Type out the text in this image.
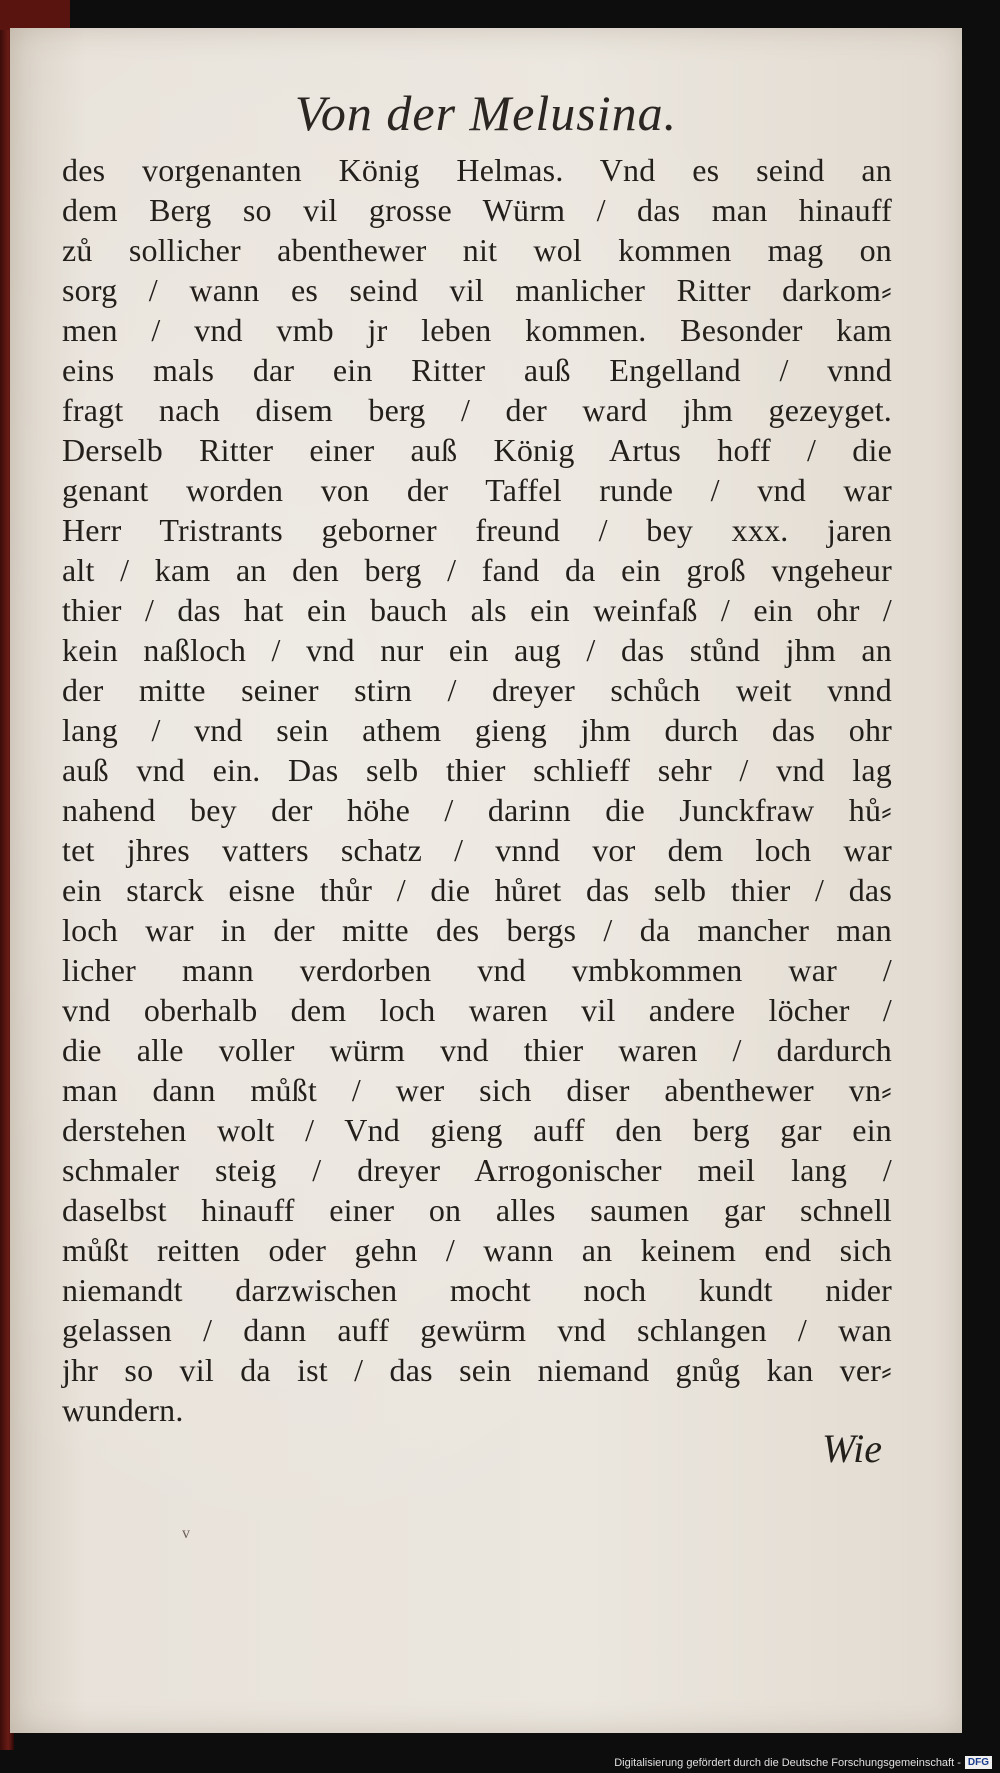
Von der Melusina.
des vorgenanten König Helmas. Vnd es seind an
dem Berg so vil grosse Würm / das man hinauff
zů sollicher abenthewer nit wol kommen mag on
sorg / wann es seind vil manlicher Ritter darkom⸗
men / vnd vmb jr leben kommen. Besonder kam
eins mals dar ein Ritter auß Engelland / vnnd
fragt nach disem berg / der ward jhm gezeyget.
Derselb Ritter einer auß König Artus hoff / die
genant worden von der Taffel runde / vnd war
Herr Tristrants geborner freund / bey xxx. jaren
alt / kam an den berg / fand da ein groß vngeheur
thier / das hat ein bauch als ein weinfaß / ein ohr /
kein naßloch / vnd nur ein aug / das stůnd jhm an
der mitte seiner stirn / dreyer schůch weit vnnd
lang / vnd sein athem gieng jhm durch das ohr
auß vnd ein. Das selb thier schlieff sehr / vnd lag
nahend bey der höhe / darinn die Junckfraw hů⸗
tet jhres vatters schatz / vnnd vor dem loch war
ein starck eisne thůr / die hůret das selb thier / das
loch war in der mitte des bergs / da mancher man
licher mann verdorben vnd vmbkommen war /
vnd oberhalb dem loch waren vil andere löcher /
die alle voller würm vnd thier waren / dardurch
man dann můßt / wer sich diser abenthewer vn⸗
derstehen wolt / Vnd gieng auff den berg gar ein
schmaler steig / dreyer Arrogonischer meil lang /
daselbst hinauff einer on alles saumen gar schnell
můßt reitten oder gehn / wann an keinem end sich
niemandt darzwischen mocht noch kundt nider
gelassen / dann auff gewürm vnd schlangen / wan
jhr so vil da ist / das sein niemand gnůg kan ver⸗
wundern.
Wie
v
Digitalisierung gefördert durch die Deutsche Forschungsgemeinschaft - DFG
